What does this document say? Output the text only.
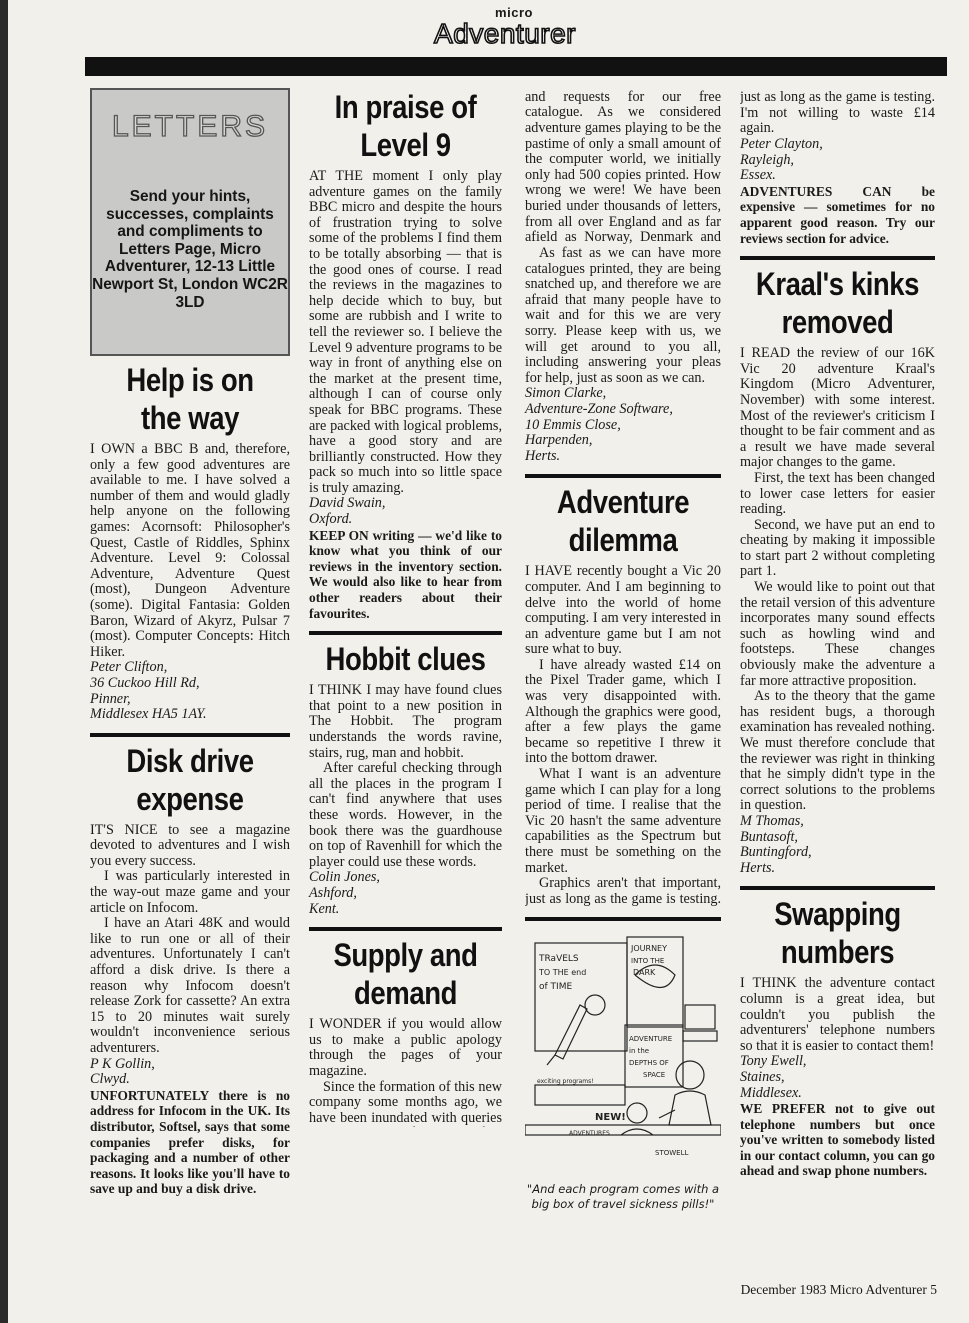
micro
Adventurer
LETTERS
Send your hints, successes, complaints and compliments to Letters Page, Micro Adventurer, 12-13 Little Newport St, London WC2R 3LD
Help is on the way

I OWN a BBC B and, therefore, only a few good adventures are available to me. I have solved a number of them and would gladly help anyone on the following games: Acornsoft: Philosopher's Quest, Castle of Riddles, Sphinx Adventure. Level 9: Colossal Adventure, Adventure Quest (most), Dungeon Adventure (some). Digital Fantasia: Golden Baron, Wizard of Akyrz, Pulsar 7 (most). Computer Concepts: Hitch Hiker.

Peter Clifton,
36 Cuckoo Hill Rd,
Pinner,
Middlesex HA5 1AY.
Disk drive expense

IT'S NICE to see a magazine devoted to adventures and I wish you every success.

I was particularly interested in the way-out maze game and your article on Infocom.

I have an Atari 48K and would like to run one or all of their adventures. Unfortunately I can't afford a disk drive. Is there a reason why Infocom doesn't release Zork for cassette? An extra 15 to 20 minutes wait surely wouldn't inconvenience serious adventurers.

P K Gollin,
Clwyd.
UNFORTUNATELY there is no address for Infocom in the UK. Its distributor, Softsel, says that some companies prefer disks, for packaging and a number of other reasons. It looks like you'll have to save up and buy a disk drive.
In praise of Level 9

AT THE moment I only play adventure games on the family BBC micro and despite the hours of frustration trying to solve some of the problems I find them to be totally absorbing — that is the good ones of course. I read the reviews in the magazines to help decide which to buy, but some are rubbish and I write to tell the reviewer so. I believe the Level 9 adventure programs to be way in front of anything else on the market at the present time, although I can of course only speak for BBC programs. These are packed with logical problems, have a good story and are brilliantly constructed. How they pack so much into so little space is truly amazing.

David Swain,
Oxford.
KEEP ON writing — we'd like to know what you think of our reviews in the inventory section. We would also like to hear from other readers about their favourites.
Hobbit clues

I THINK I may have found clues that point to a new position in The Hobbit. The program understands the words ravine, stairs, rug, man and hobbit.

After careful checking through all the places in the program I can't find anywhere that uses these words. However, in the book there was the guardhouse on top of Ravenhill for which the player could use these words.

Colin Jones,
Ashford,
Kent.
Supply and demand

I WONDER if you would allow us to make a public apology through the pages of your magazine.

Since the formation of this new company some months ago, we have been inundated with queries

and requests for our free catalogue. As we considered adventure games playing to be the pastime of only a small amount of the computer world, we initially only had 500 copies printed. How wrong we were! We have been buried under thousands of letters, from all over England and as far afield as Norway, Denmark and

As fast as we can have more catalogues printed, they are being snatched up, and therefore we are afraid that many people have to wait and for this we are very sorry. Please keep with us, we will get around to you all, including answering your pleas for help, just as soon as we can.

Simon Clarke,
Adventure-Zone Software,
10 Emmis Close,
Harpenden,
Herts.
Adventure dilemma

I HAVE recently bought a Vic 20 computer. And I am beginning to delve into the world of home computing. I am very interested in an adventure game but I am not sure what to buy.

I have already wasted £14 on the Pixel Trader game, which I was very disappointed with. Although the graphics were good, after a few plays the game became so repetitive I threw it into the bottom drawer.

What I want is an adventure game which I can play for a long period of time. I realise that the Vic 20 hasn't the same adventure capabilities as the Spectrum but there must be something on the market.

Graphics aren't that important, just as long as the game is testing.

TRaVELS
TO THE end
of TIME
JOURNEY
INTO THE
DARK
ADVENTURE
in the
DEPTHS OF
SPACE
exciting programs!
NEW!
ADVENTURES
STOWELL
"And each program comes with a big box of travel sickness pills!"

just as long as the game is testing. I'm not willing to waste £14 again.

Peter Clayton,
Rayleigh,
Essex.
ADVENTURES CAN be expensive — sometimes for no apparent good reason. Try our reviews section for advice.
Kraal's kinks removed

I READ the review of our 16K Vic 20 adventure Kraal's Kingdom (Micro Adventurer, November) with some interest. Most of the reviewer's criticism I thought to be fair comment and as a result we have made several major changes to the game.

First, the text has been changed to lower case letters for easier reading.

Second, we have put an end to cheating by making it impossible to start part 2 without completing part 1.

We would like to point out that the retail version of this adventure incorporates many sound effects such as howling wind and footsteps. These changes obviously make the adventure a far more attractive proposition.

As to the theory that the game has resident bugs, a thorough examination has revealed nothing. We must therefore conclude that the reviewer was right in thinking that he simply didn't type in the correct solutions to the problems in question.

M Thomas,
Buntasoft,
Buntingford,
Herts.
Swapping numbers

I THINK the adventure contact column is a great idea, but couldn't you publish the adventurers' telephone numbers so that it is easier to contact them!

Tony Ewell,
Staines,
Middlesex.
WE PREFER not to give out telephone numbers but once you've written to somebody listed in our contact column, you can go ahead and swap phone numbers.
December 1983 Micro Adventurer 5
